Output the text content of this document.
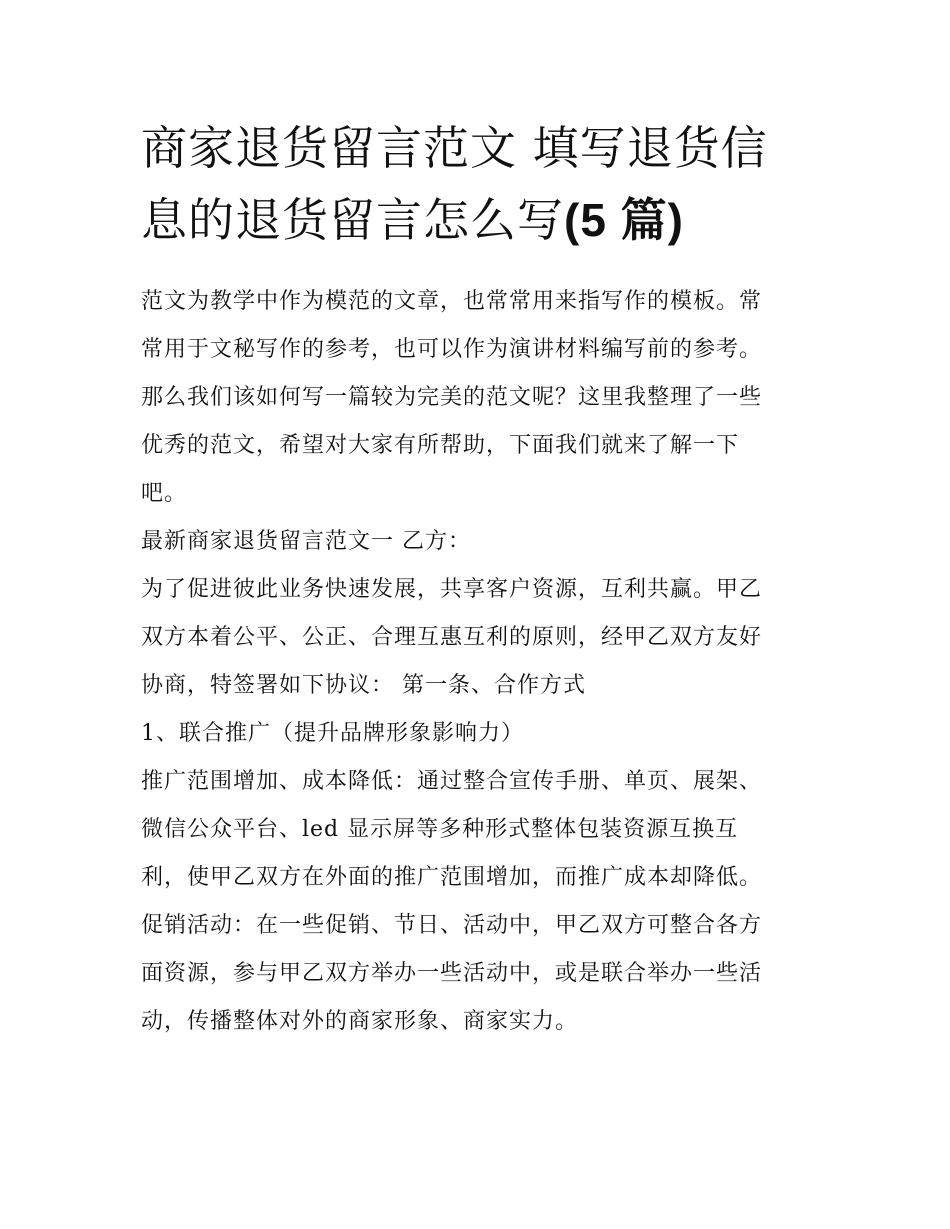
商家退货留言范文 填写退货信
息的退货留言怎么写(5 篇)
范文为教学中作为模范的文章，也常常用来指写作的模板。常
常用于文秘写作的参考，也可以作为演讲材料编写前的参考。
那么我们该如何写一篇较为完美的范文呢？这里我整理了一些
优秀的范文，希望对大家有所帮助，下面我们就来了解一下
吧。
最新商家退货留言范文一 乙方：
为了促进彼此业务快速发展，共享客户资源，互利共赢。甲乙
双方本着公平、公正、合理互惠互利的原则，经甲乙双方友好
协商，特签署如下协议： 第一条、合作方式
1、联合推广（提升品牌形象影响力）
推广范围增加、成本降低：通过整合宣传手册、单页、展架、
微信公众平台、led 显示屏等多种形式整体包装资源互换互
利，使甲乙双方在外面的推广范围增加，而推广成本却降低。
促销活动：在一些促销、节日、活动中，甲乙双方可整合各方
面资源，参与甲乙双方举办一些活动中，或是联合举办一些活
动，传播整体对外的商家形象、商家实力。
